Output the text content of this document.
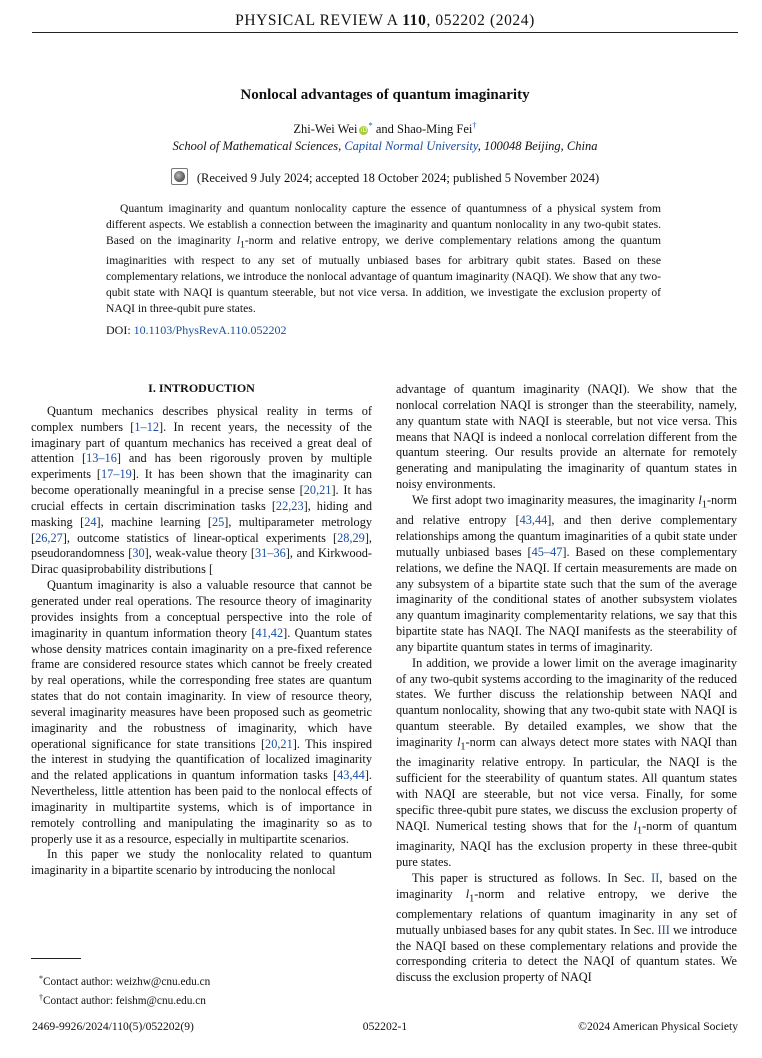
PHYSICAL REVIEW A 110, 052202 (2024)
Nonlocal advantages of quantum imaginarity
Zhi-Wei Wei iD* and Shao-Ming Fei†
School of Mathematical Sciences, Capital Normal University, 100048 Beijing, China
(Received 9 July 2024; accepted 18 October 2024; published 5 November 2024)
Quantum imaginarity and quantum nonlocality capture the essence of quantumness of a physical system from different aspects. We establish a connection between the imaginarity and quantum nonlocality in any two-qubit states. Based on the imaginarity $l_1$-norm and relative entropy, we derive complementary relations among the quantum imaginarities with respect to any set of mutually unbiased bases for arbitrary qubit states. Based on these complementary relations, we introduce the nonlocal advantage of quantum imaginarity (NAQI). We show that any two-qubit state with NAQI is quantum steerable, but not vice versa. In addition, we investigate the exclusion property of NAQI in three-qubit pure states.
DOI: 10.1103/PhysRevA.110.052202
I. INTRODUCTION

Quantum mechanics describes physical reality in terms of complex numbers [1–12]. In recent years, the necessity of the imaginary part of quantum mechanics has received a great deal of attention [13–16] and has been rigorously proven by multiple experiments [17–19]. It has been shown that the imaginarity can become operationally meaningful in a precise sense [20,21]. It has crucial effects in certain discrimination tasks [22,23], hiding and masking [24], machine learning [25], multiparameter metrology [26,27], outcome statistics of linear-optical experiments [28,29], pseudorandomness [30], weak-value theory [31–36], and Kirkwood-Dirac quasiprobability distributions [

Quantum imaginarity is also a valuable resource that cannot be generated under real operations. The resource theory of imaginarity provides insights from a conceptual perspective into the role of imaginarity in quantum information theory [41,42]. Quantum states whose density matrices contain imaginarity on a pre-fixed reference frame are considered resource states which cannot be freely created by real operations, while the corresponding free states are quantum states that do not contain imaginarity. In view of resource theory, several imaginarity measures have been proposed such as geometric imaginarity and the robustness of imaginarity, which have operational significance for state transitions [20,21]. This inspired the interest in studying the quantification of localized imaginarity and the related applications in quantum information tasks [43,44]. Nevertheless, little attention has been paid to the nonlocal effects of imaginarity in multipartite systems, which is of importance in remotely controlling and manipulating the imaginarity so as to properly use it as a resource, especially in multipartite scenarios.

In this paper we study the nonlocality related to quantum imaginarity in a bipartite scenario by introducing the nonlocal

advantage of quantum imaginarity (NAQI). We show that the nonlocal correlation NAQI is stronger than the steerability, namely, any quantum state with NAQI is steerable, but not vice versa. This means that NAQI is indeed a nonlocal correlation different from the quantum steering. Our results provide an alternate for remotely generating and manipulating the imaginarity of quantum states in noisy environments.

We first adopt two imaginarity measures, the imaginarity $l_1$-norm and relative entropy [43,44], and then derive complementary relationships among the quantum imaginarities of a qubit state under mutually unbiased bases [45–47]. Based on these complementary relations, we define the NAQI. If certain measurements are made on any subsystem of a bipartite state such that the sum of the average imaginarity of the conditional states of another subsystem violates any quantum imaginarity complementarity relations, we say that this bipartite state has NAQI. The NAQI manifests as the steerability of any bipartite quantum states in terms of imaginarity.

In addition, we provide a lower limit on the average imaginarity of any two-qubit systems according to the imaginarity of the reduced states. We further discuss the relationship between NAQI and quantum nonlocality, showing that any two-qubit state with NAQI is quantum steerable. By detailed examples, we show that the imaginarity $l_1$-norm can always detect more states with NAQI than the imaginarity relative entropy. In particular, the NAQI is the sufficient for the steerability of quantum states. All quantum states with NAQI are steerable, but not vice versa. Finally, for some specific three-qubit pure states, we discuss the exclusion property of NAQI. Numerical testing shows that for the $l_1$-norm of quantum imaginarity, NAQI has the exclusion property in these three-qubit pure states.

This paper is structured as follows. In Sec. II, based on the imaginarity $l_1$-norm and relative entropy, we derive the complementary relations of quantum imaginarity in any set of mutually unbiased bases for any qubit states. In Sec. III we introduce the NAQI based on these complementary relations and provide the corresponding criteria to detect the NAQI of quantum states. We discuss the exclusion property of NAQI

*Contact author: weizhw@cnu.edu.cn
†Contact author: feishm@cnu.edu.cn
2469-9926/2024/110(5)/052202(9)	052202-1	©2024 American Physical Society
